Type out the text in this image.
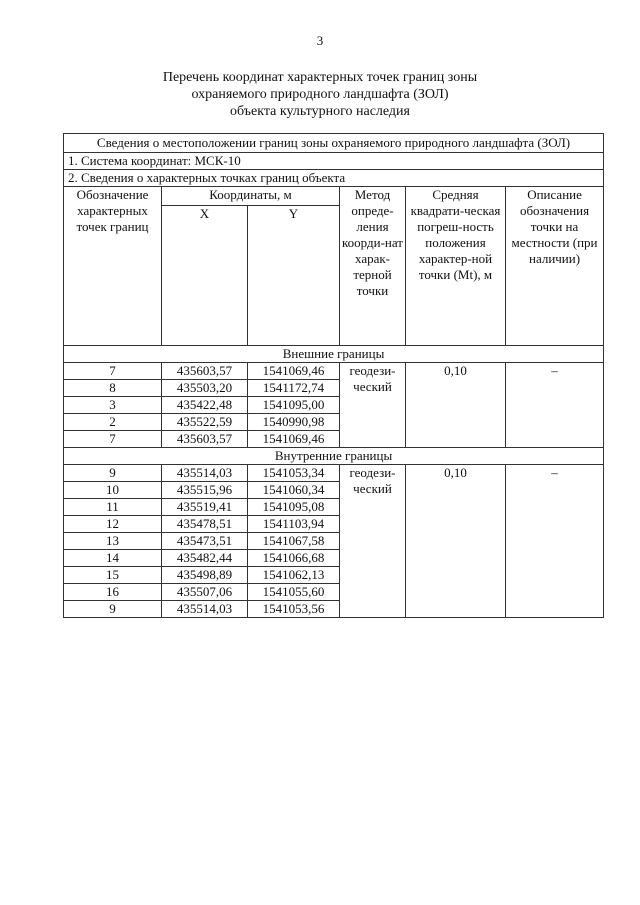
3
Перечень координат характерных точек границ зоны
охраняемого природного ландшафта (ЗОЛ)
объекта культурного наследия
Сведения о местоположении границ зоны охраняемого природного ландшафта (ЗОЛ)					
1. Система координат: МСК-10					
2. Сведения о характерных точках границ объекта					
Обозначение характерных точек границ	Координаты, м		Метод опреде-ления коорди-нат харак-терной точки	Средняя квадрати-ческая погреш-ность положения характер-ной точки (Mt), м	Описание обозначения точки на местности (при наличии)
	X	Y			
Внешние границы					
7	435603,57	1541069,46	геодези-ческий	0,10	–
8	435503,20	1541172,74			
3	435422,48	1541095,00			
2	435522,59	1540990,98			
7	435603,57	1541069,46			
Внутренние границы					
9	435514,03	1541053,34	геодези-ческий	0,10	–
10	435515,96	1541060,34			
11	435519,41	1541095,08			
12	435478,51	1541103,94			
13	435473,51	1541067,58			
14	435482,44	1541066,68			
15	435498,89	1541062,13			
16	435507,06	1541055,60			
9	435514,03	1541053,56			
